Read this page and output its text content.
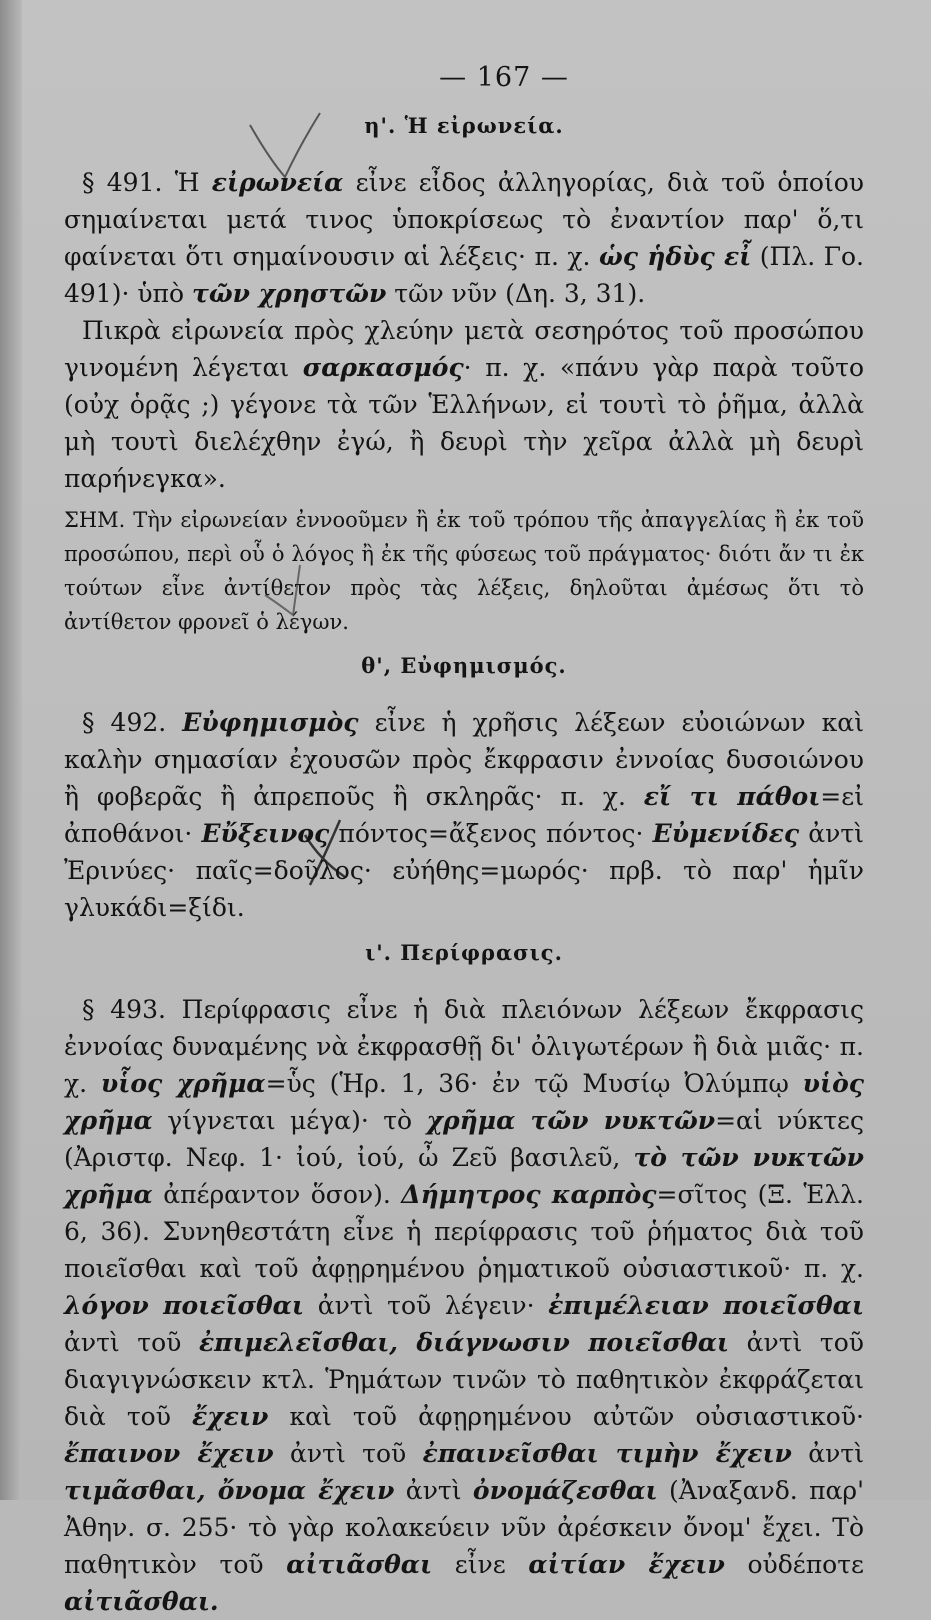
— 167 —
η'. Ἡ εἰρωνεία.

§ 491. Ἡ εἰρωνεία εἶνε εἶδος ἀλληγορίας, διὰ τοῦ ὁποίου σημαίνεται μετά τινος ὑποκρίσεως τὸ ἐναντίον παρ' ὅ,τι φαίνεται ὅτι σημαίνουσιν αἱ λέξεις· π. χ. ὡς ἡδὺς εἶ (Πλ. Γο. 491)· ὑπὸ τῶν χρηστῶν τῶν νῦν (Δη. 3, 31).

Πικρὰ εἰρωνεία πρὸς χλεύην μετὰ σεσηρότος τοῦ προσώπου γινομένη λέγεται σαρκασμός· π. χ. «πάνυ γὰρ παρὰ τοῦτο (οὐχ ὁρᾷς ;) γέγονε τὰ τῶν Ἑλλήνων, εἰ τουτὶ τὸ ῥῆμα, ἀλλὰ μὴ τουτὶ διελέχθην ἐγώ, ἢ δευρὶ τὴν χεῖρα ἀλλὰ μὴ δευρὶ παρήνεγκα».

ΣΗΜ. Τὴν εἰρωνείαν ἐννοοῦμεν ἢ ἐκ τοῦ τρόπου τῆς ἀπαγγελίας ἢ ἐκ τοῦ προσώπου, περὶ οὗ ὁ λόγος ἢ ἐκ τῆς φύσεως τοῦ πράγματος· διότι ἄν τι ἐκ τούτων εἶνε ἀντίθετον πρὸς τὰς λέξεις, δηλοῦται ἀμέσως ὅτι τὸ ἀντίθετον φρονεῖ ὁ λέγων.

θ', Εὐφημισμός.

§ 492. Εὐφημισμὸς εἶνε ἡ χρῆσις λέξεων εὐοιώνων καὶ καλὴν σημασίαν ἐχουσῶν πρὸς ἔκφρασιν ἐννοίας δυσοιώνου ἢ φοβερᾶς ἢ ἀπρεποῦς ἢ σκληρᾶς· π. χ. εἴ τι πάθοι=εἰ ἀποθάνοι· Εὔξεινος πόντος=ἄξενος πόντος· Εὐμενίδες ἀντὶ Ἐρινύες· παῖς=δοῦλος· εὐήθης=μωρός· πρβ. τὸ παρ' ἡμῖν γλυκάδι=ξίδι.

ι'. Περίφρασις.

§ 493. Περίφρασις εἶνε ἡ διὰ πλειόνων λέξεων ἔκφρασις ἐννοίας δυναμένης νὰ ἐκφρασθῇ δι' ὀλιγωτέρων ἢ διὰ μιᾶς· π. χ. υἷος χρῆμα=ὗς (Ἡρ. 1, 36· ἐν τῷ Μυσίῳ Ὀλύμπῳ υἱὸς χρῆμα γίγνεται μέγα)· τὸ χρῆμα τῶν νυκτῶν=αἱ νύκτες (Ἀριστφ. Νεφ. 1· ἰού, ἰού, ὦ Ζεῦ βασιλεῦ, τὸ τῶν νυκτῶν χρῆμα ἀπέραντον ὅσον). Δήμητρος καρπὸς=σῖτος (Ξ. Ἑλλ. 6, 36). Συνηθεστάτη εἶνε ἡ περίφρασις τοῦ ῥήματος διὰ τοῦ ποιεῖσθαι καὶ τοῦ ἀφῃρημένου ῥηματικοῦ οὐσιαστικοῦ· π. χ. λόγον ποιεῖσθαι ἀντὶ τοῦ λέγειν· ἐπιμέλειαν ποιεῖσθαι ἀντὶ τοῦ ἐπιμελεῖσθαι, διάγνωσιν ποιεῖσθαι ἀντὶ τοῦ διαγιγνώσκειν κτλ. Ῥημάτων τινῶν τὸ παθητικὸν ἐκφράζεται διὰ τοῦ ἔχειν καὶ τοῦ ἀφῃρημένου αὐτῶν οὐσιαστικοῦ· ἔπαινον ἔχειν ἀντὶ τοῦ ἐπαινεῖσθαι τιμὴν ἔχειν ἀντὶ τιμᾶσθαι, ὄνομα ἔχειν ἀντὶ ὀνομάζεσθαι (Ἀναξανδ. παρ' Ἀθην. σ. 255· τὸ γὰρ κολακεύειν νῦν ἀρέσκειν ὄνομ' ἔχει. Τὸ παθητικὸν τοῦ αἰτιᾶσθαι εἶνε αἰτίαν ἔχειν οὐδέποτε αἰτιᾶσθαι.
